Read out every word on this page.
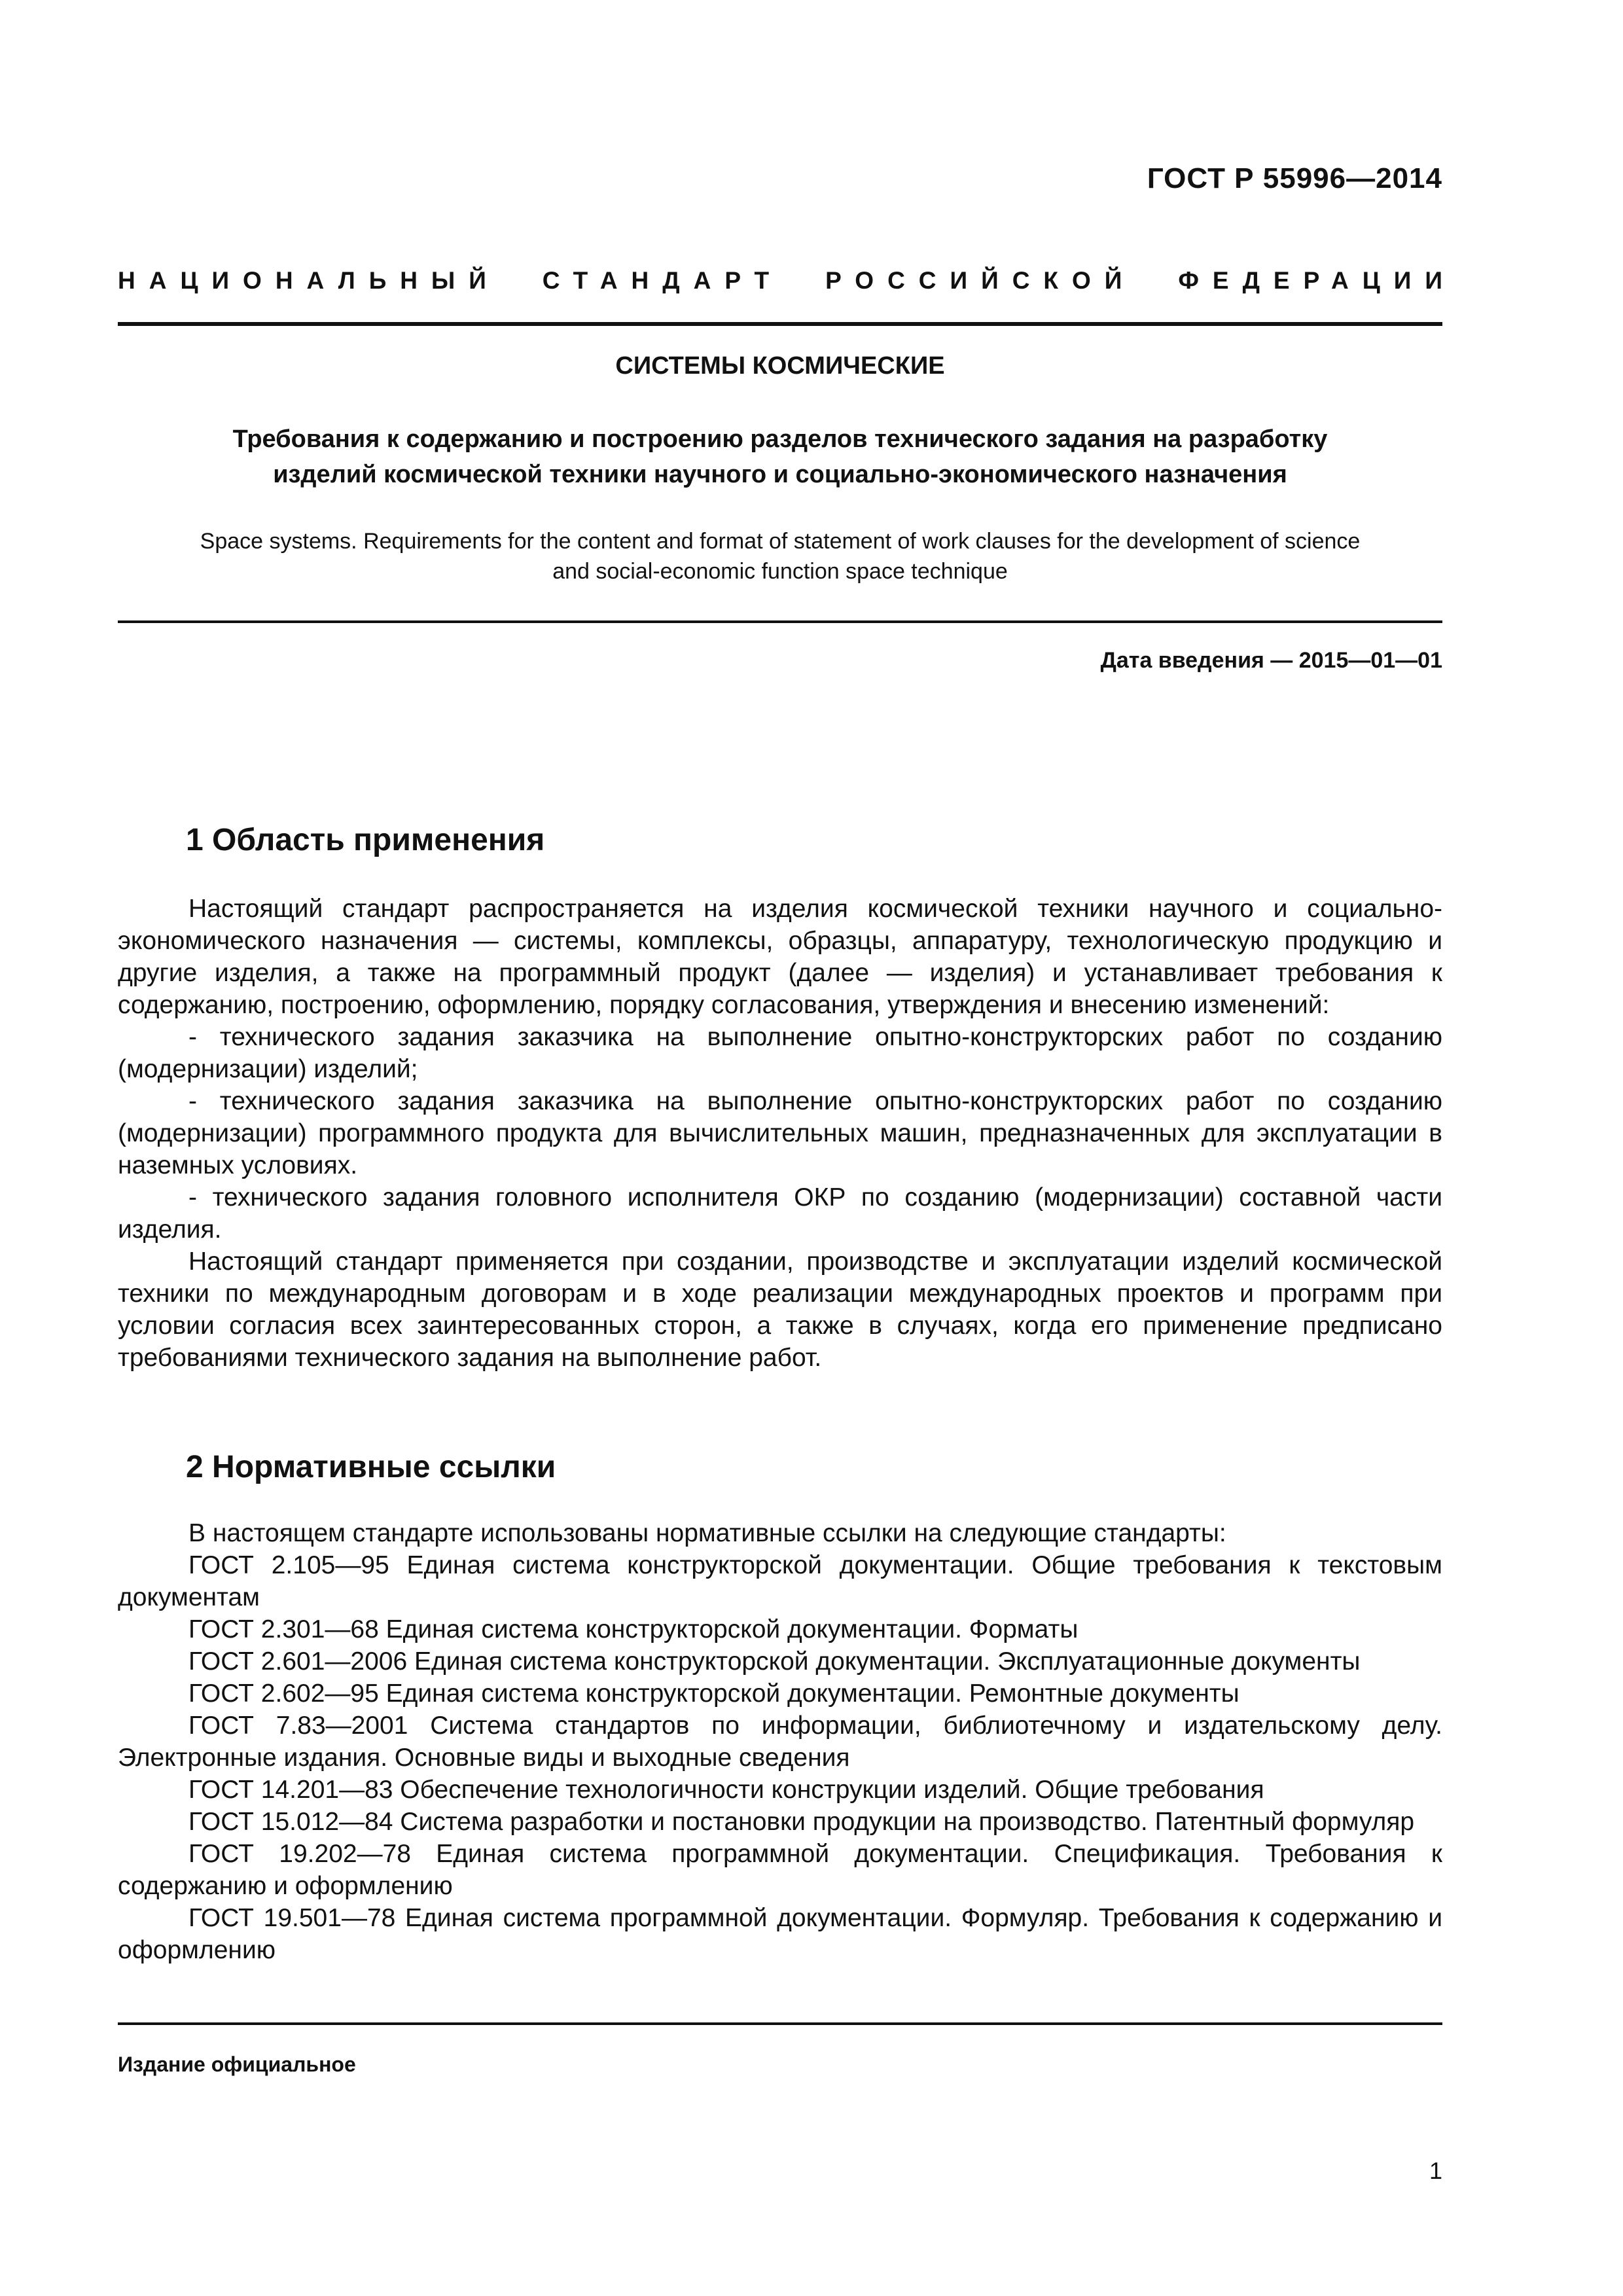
ГОСТ Р 55996—2014
НАЦИОНАЛЬНЫЙ СТАНДАРТ РОССИЙСКОЙ ФЕДЕРАЦИИ
СИСТЕМЫ КОСМИЧЕСКИЕ
Требования к содержанию и построению разделов технического задания на разработку
изделий космической техники научного и социально-экономического назначения
Space systems. Requirements for the content and format of statement of work clauses for the development of science
and social-economic function space technique
Дата введения — 2015—01—01
1 Область применения

Настоящий стандарт распространяется на изделия космической техники научного и социально-экономического назначения — системы, комплексы, образцы, аппаратуру, технологическую продукцию и другие изделия, а также на программный продукт (далее — изделия) и устанавливает требования к содержанию, построению, оформлению, порядку согласования, утверждения и внесению изменений:

- технического задания заказчика на выполнение опытно-конструкторских работ по созданию (модернизации) изделий;

- технического задания заказчика на выполнение опытно-конструкторских работ по созданию (модернизации) программного продукта для вычислительных машин, предназначенных для эксплуатации в наземных условиях.

- технического задания головного исполнителя ОКР по созданию (модернизации) составной части изделия.

Настоящий стандарт применяется при создании, производстве и эксплуатации изделий космической техники по международным договорам и в ходе реализации международных проектов и программ при условии согласия всех заинтересованных сторон, а также в случаях, когда его применение предписано требованиями технического задания на выполнение работ.

2 Нормативные ссылки

В настоящем стандарте использованы нормативные ссылки на следующие стандарты:

ГОСТ 2.105—95 Единая система конструкторской документации. Общие требования к текстовым документам

ГОСТ 2.301—68 Единая система конструкторской документации. Форматы

ГОСТ 2.601—2006 Единая система конструкторской документации. Эксплуатационные документы

ГОСТ 2.602—95 Единая система конструкторской документации. Ремонтные документы

ГОСТ 7.83—2001 Система стандартов по информации, библиотечному и издательскому делу. Электронные издания. Основные виды и выходные сведения

ГОСТ 14.201—83 Обеспечение технологичности конструкции изделий. Общие требования

ГОСТ 15.012—84 Система разработки и постановки продукции на производство. Патентный формуляр

ГОСТ 19.202—78 Единая система программной документации. Спецификация. Требования к содержанию и оформлению

ГОСТ 19.501—78 Единая система программной документации. Формуляр. Требования к содержанию и оформлению

Издание официальное
1
